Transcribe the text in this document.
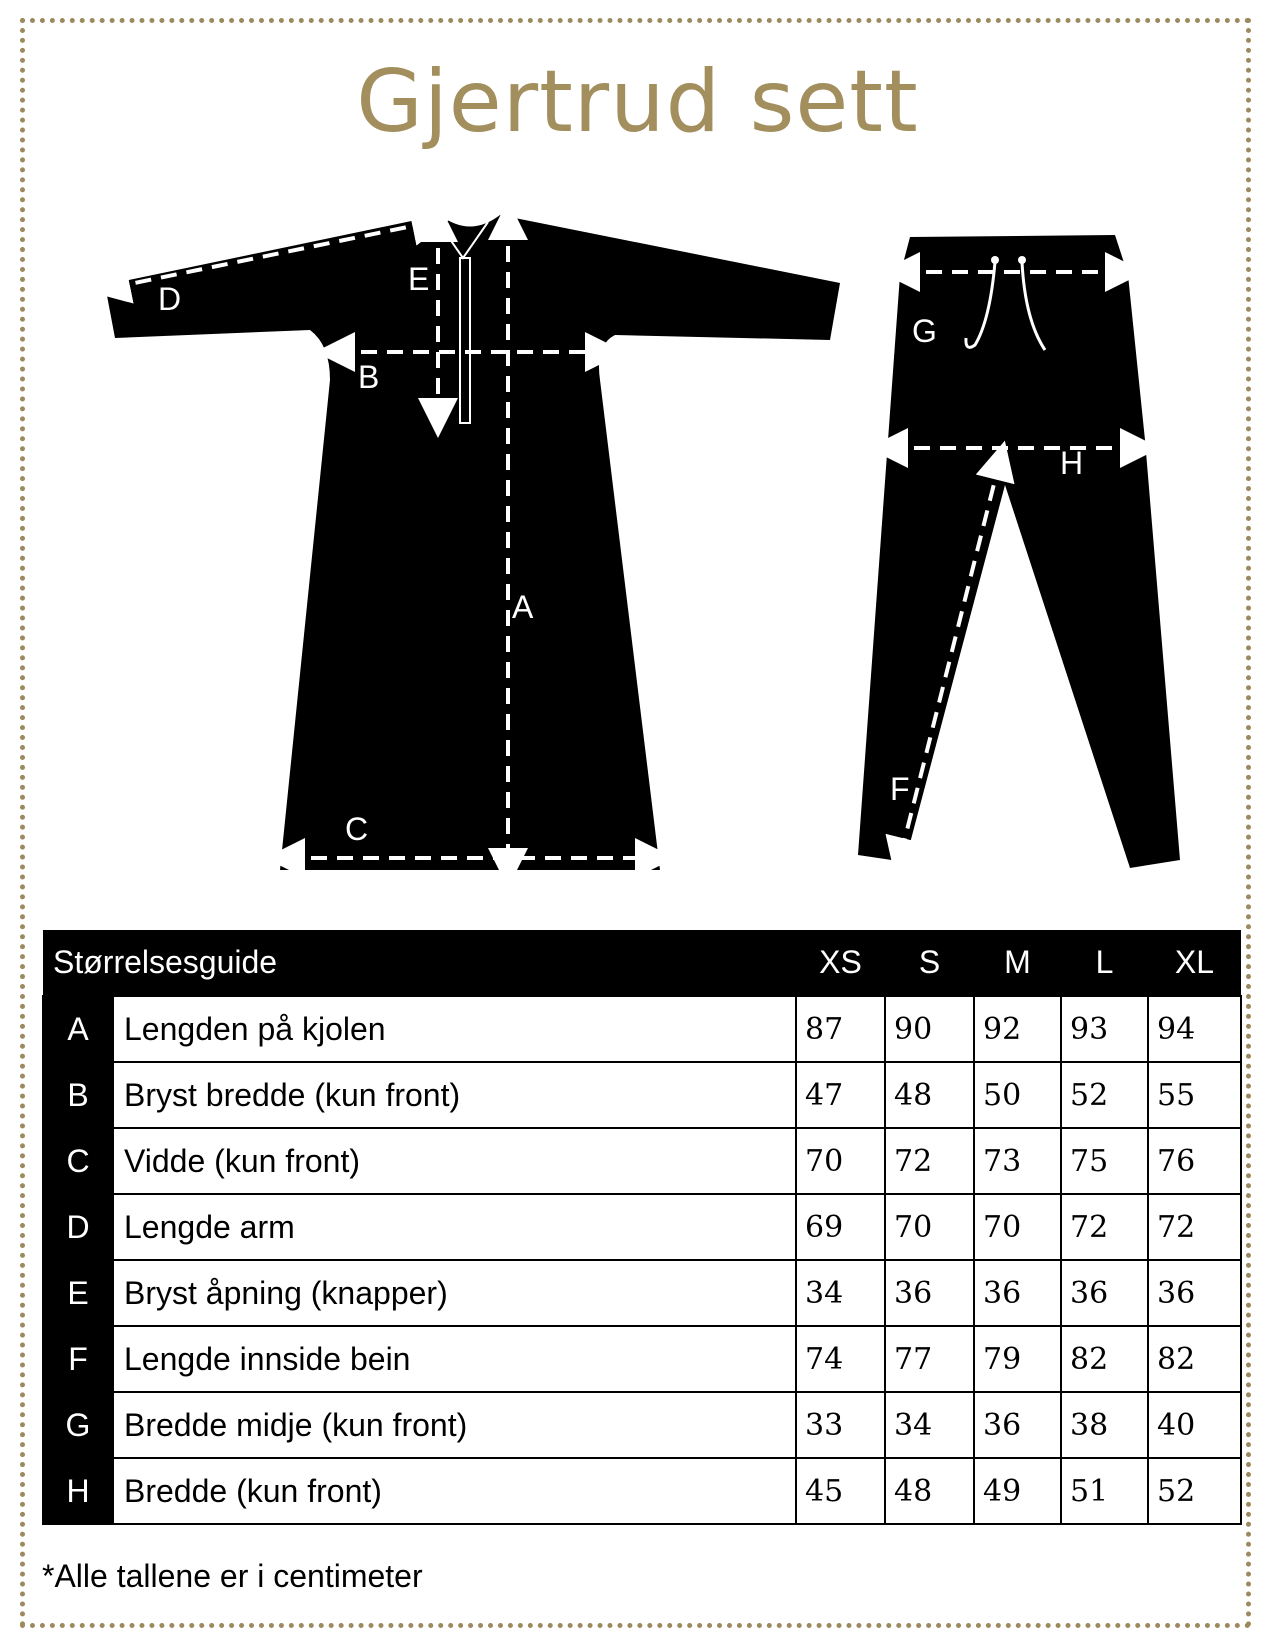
Gjertrud sett
D
B
E
A
C
G
H
F
Størrelsesguide		XS	S	M	L	XL
A	Lengden på kjolen	87	90	92	93	94
B	Bryst bredde (kun front)	47	48	50	52	55
C	Vidde (kun front)	70	72	73	75	76
D	Lengde arm	69	70	70	72	72
E	Bryst åpning (knapper)	34	36	36	36	36
F	Lengde innside bein	74	77	79	82	82
G	Bredde midje (kun front)	33	34	36	38	40
H	Bredde (kun front)	45	48	49	51	52
*Alle tallene er i centimeter
